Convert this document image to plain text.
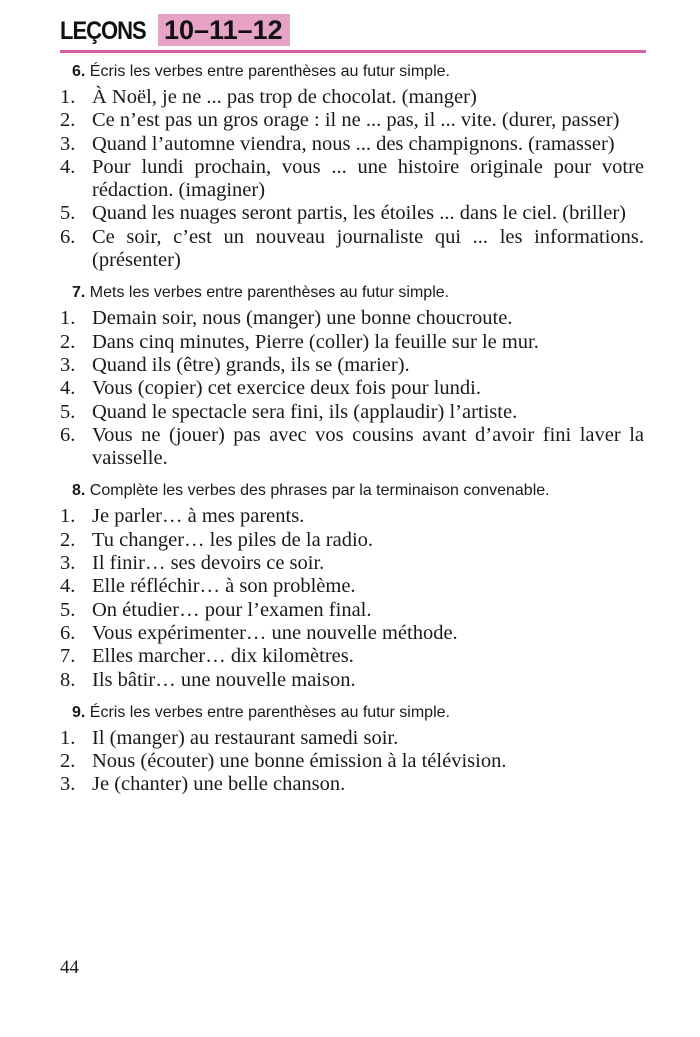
LEÇONS 10–11–12

6. Écris les verbes entre parenthèses au futur simple.

1. À Noël, je ne ... pas trop de chocolat. (manger)
2. Ce n’est pas un gros orage : il ne ... pas, il ... vite. (durer, passer)
3. Quand l’automne viendra, nous ... des champignons. (ramasser)
4. Pour lundi prochain, vous ... une histoire originale pour votre rédaction. (imaginer)
5. Quand les nuages seront partis, les étoiles ... dans le ciel. (briller)
6. Ce soir, c’est un nouveau journaliste qui ... les informations. (présenter)

7. Mets les verbes entre parenthèses au futur simple.

1. Demain soir, nous (manger) une bonne choucroute.
2. Dans cinq minutes, Pierre (coller) la feuille sur le mur.
3. Quand ils (être) grands, ils se (marier).
4. Vous (copier) cet exercice deux fois pour lundi.
5. Quand le spectacle sera fini, ils (applaudir) l’artiste.
6. Vous ne (jouer) pas avec vos cousins avant d’avoir fini laver la vaisselle.

8. Complète les verbes des phrases par la terminaison convenable.

1. Je parler… à mes parents.
2. Tu changer… les piles de la radio.
3. Il finir… ses devoirs ce soir.
4. Elle réfléchir… à son problème.
5. On étudier… pour l’examen final.
6. Vous expérimenter… une nouvelle méthode.
7. Elles marcher… dix kilomètres.
8. Ils bâtir… une nouvelle maison.

9. Écris les verbes entre parenthèses au futur simple.

1. Il (manger) au restaurant samedi soir.
2. Nous (écouter) une bonne émission à la télévision.
3. Je (chanter) une belle chanson.
44
